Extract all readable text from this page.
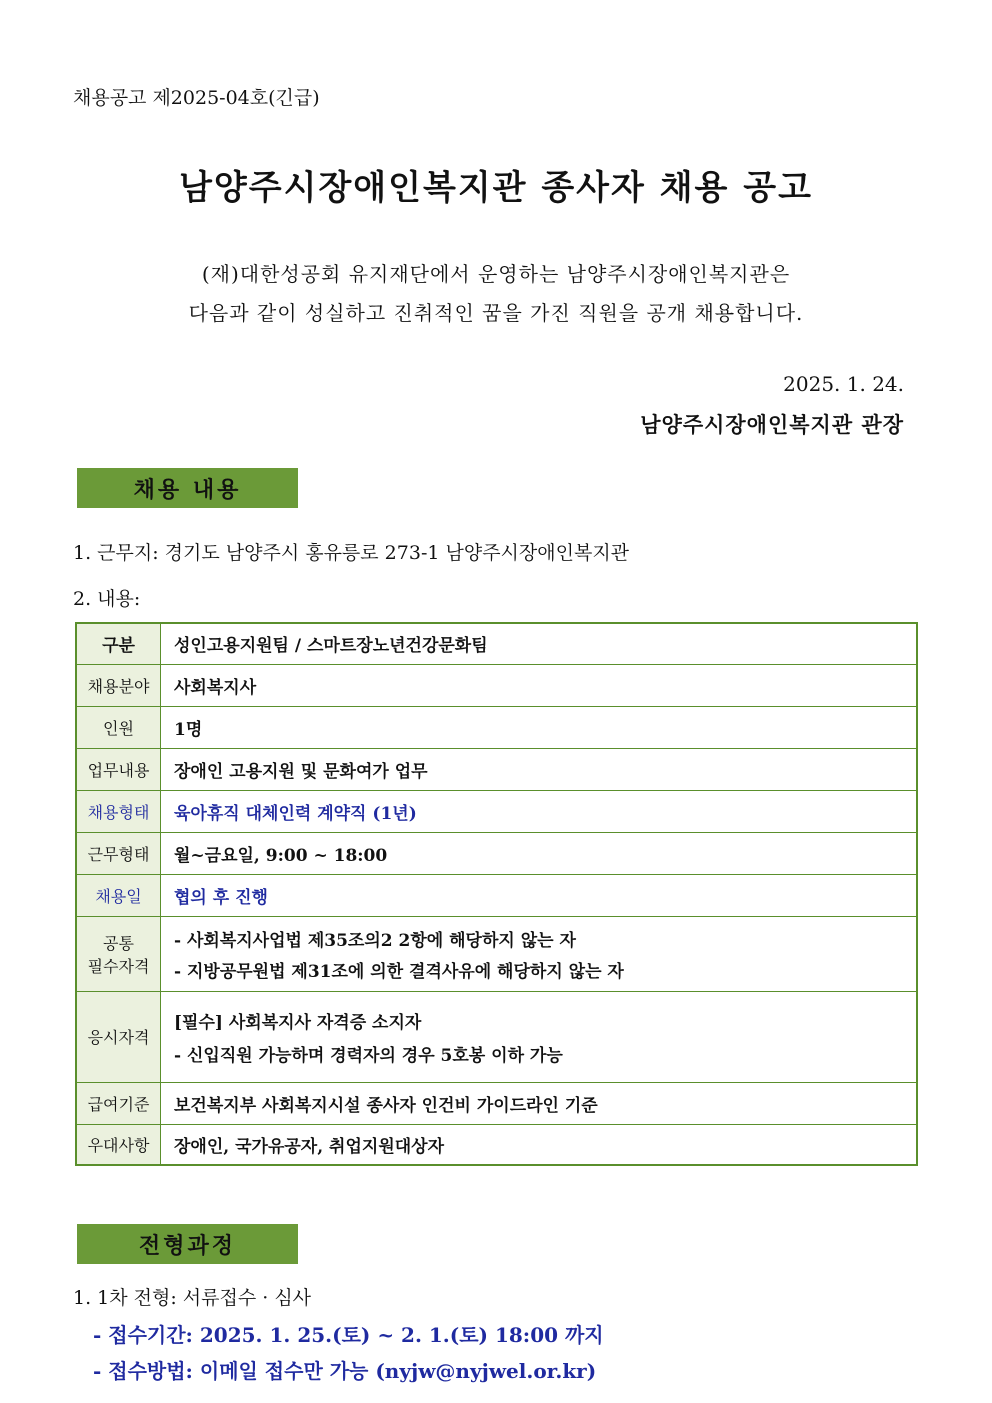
채용공고 제2025-04호(긴급)
남양주시장애인복지관 종사자 채용 공고
(재)대한성공회 유지재단에서 운영하는 남양주시장애인복지관은
다음과 같이 성실하고 진취적인 꿈을 가진 직원을 공개 채용합니다.
2025. 1. 24.
남양주시장애인복지관 관장
채용 내용
1. 근무지: 경기도 남양주시 홍유릉로 273-1 남양주시장애인복지관
2. 내용:
구분	성인고용지원팀 / 스마트장노년건강문화팀
채용분야	사회복지사
인원	1명
업무내용	장애인 고용지원 및 문화여가 업무
채용형태	육아휴직 대체인력 계약직 (1년)
근무형태	월~금요일, 9:00 ~ 18:00
채용일	협의 후 진행

공통
필수자격	- 사회복지사업법 제35조의2 2항에 해당하지 않는 자
- 지방공무원법 제31조에 의한 결격사유에 해당하지 않는 자

응시자격	[필수] 사회복지사 자격증 소지자
- 신입직원 가능하며 경력자의 경우 5호봉 이하 가능

급여기준	보건복지부 사회복지시설 종사자 인건비 가이드라인 기준
우대사항	장애인, 국가유공자, 취업지원대상자
전형과정
1. 1차 전형: 서류접수 · 심사
- 접수기간: 2025. 1. 25.(토) ~ 2. 1.(토) 18:00 까지
- 접수방법: 이메일 접수만 가능 (nyjw@nyjwel.or.kr)
